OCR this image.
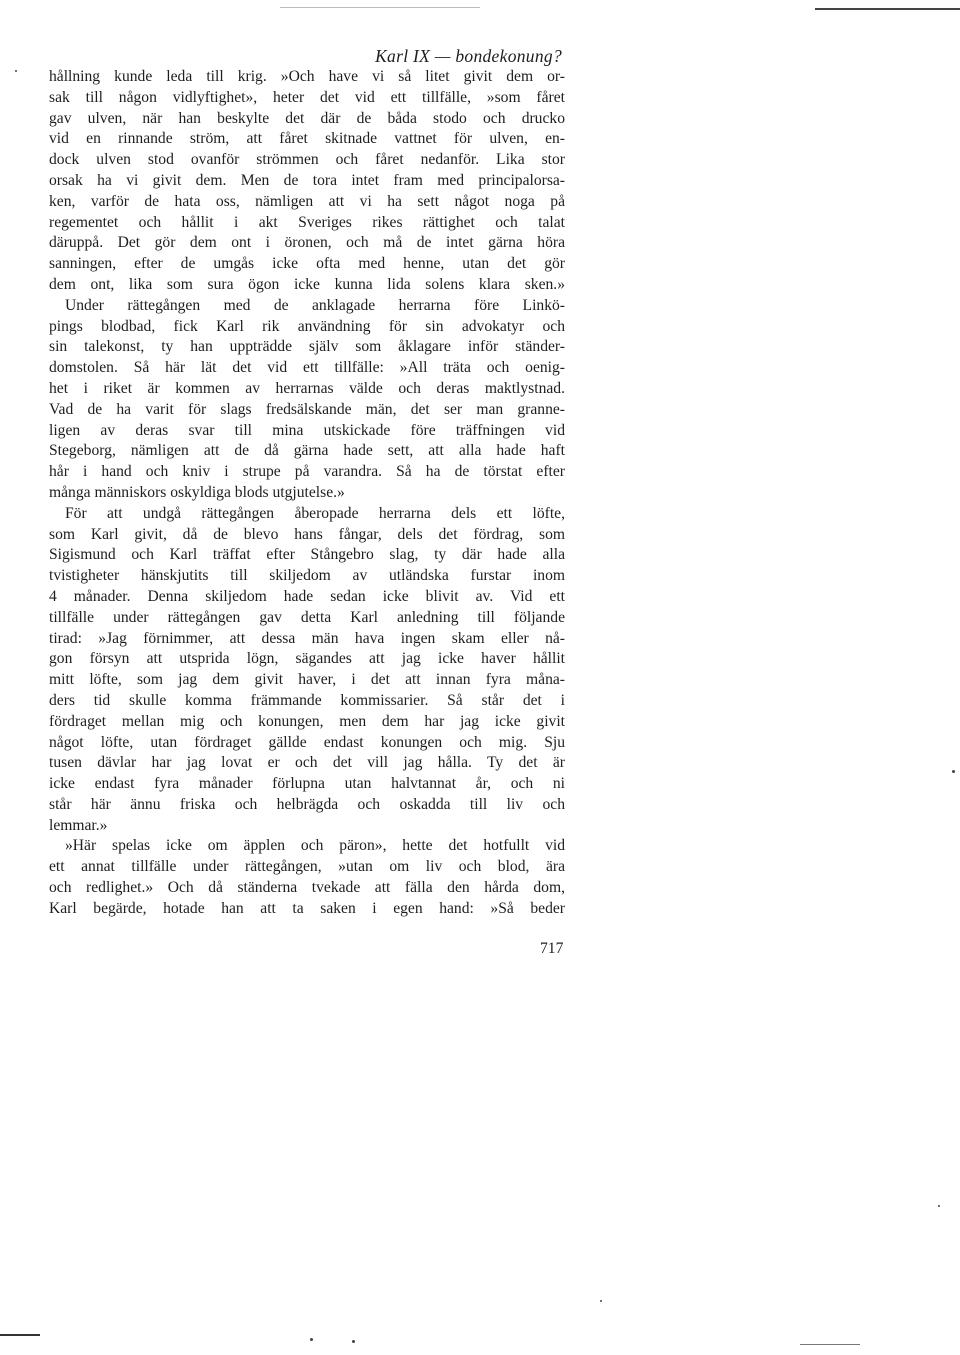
Karl IX — bondekonung?
hållning kunde leda till krig. »Och have vi så litet givit dem or-
sak till någon vidlyftighet», heter det vid ett tillfälle, »som fåret
gav ulven, när han beskylte det där de båda stodo och drucko
vid en rinnande ström, att fåret skitnade vattnet för ulven, en-
dock ulven stod ovanför strömmen och fåret nedanför. Lika stor
orsak ha vi givit dem. Men de tora intet fram med principalorsa-
ken, varför de hata oss, nämligen att vi ha sett något noga på
regementet och hållit i akt Sveriges rikes rättighet och talat
däruppå. Det gör dem ont i öronen, och må de intet gärna höra
sanningen, efter de umgås icke ofta med henne, utan det gör
dem ont, lika som sura ögon icke kunna lida solens klara sken.»
Under rättegången med de anklagade herrarna före Linkö-
pings blodbad, fick Karl rik användning för sin advokatyr och
sin talekonst, ty han uppträdde själv som åklagare inför ständer-
domstolen. Så här lät det vid ett tillfälle: »All träta och oenig-
het i riket är kommen av herrarnas välde och deras maktlystnad.
Vad de ha varit för slags fredsälskande män, det ser man granne-
ligen av deras svar till mina utskickade före träffningen vid
Stegeborg, nämligen att de då gärna hade sett, att alla hade haft
hår i hand och kniv i strupe på varandra. Så ha de törstat efter
många människors oskyldiga blods utgjutelse.»
För att undgå rättegången åberopade herrarna dels ett löfte,
som Karl givit, då de blevo hans fångar, dels det fördrag, som
Sigismund och Karl träffat efter Stångebro slag, ty där hade alla
tvistigheter hänskjutits till skiljedom av utländska furstar inom
4 månader. Denna skiljedom hade sedan icke blivit av. Vid ett
tillfälle under rättegången gav detta Karl anledning till följande
tirad: »Jag förnimmer, att dessa män hava ingen skam eller nå-
gon försyn att utsprida lögn, sägandes att jag icke haver hållit
mitt löfte, som jag dem givit haver, i det att innan fyra måna-
ders tid skulle komma främmande kommissarier. Så står det i
fördraget mellan mig och konungen, men dem har jag icke givit
något löfte, utan fördraget gällde endast konungen och mig. Sju
tusen dävlar har jag lovat er och det vill jag hålla. Ty det är
icke endast fyra månader förlupna utan halvtannat år, och ni
står här ännu friska och helbrägda och oskadda till liv och
lemmar.»
»Här spelas icke om äpplen och päron», hette det hotfullt vid
ett annat tillfälle under rättegången, »utan om liv och blod, ära
och redlighet.» Och då ständerna tvekade att fälla den hårda dom,
Karl begärde, hotade han att ta saken i egen hand: »Så beder
717
